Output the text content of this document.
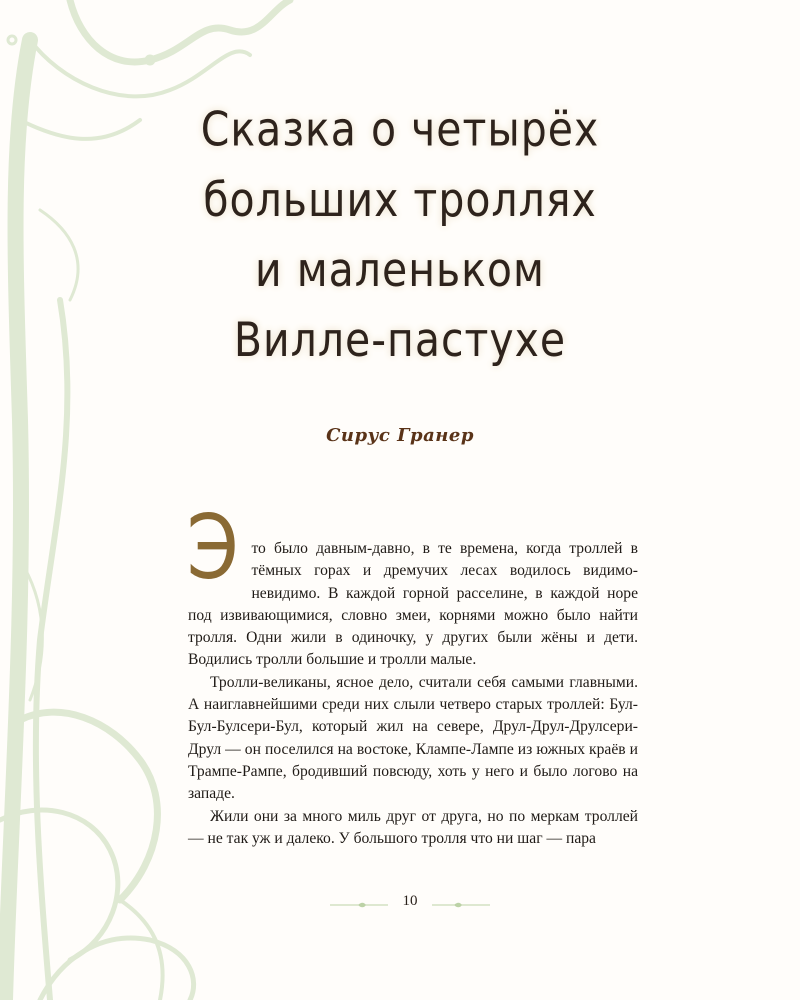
Сказка о четырёх
больших троллях
и маленьком
Вилле-пастухе
Сирус Гранер

Это было давным-давно, в те времена, когда троллей в тёмных горах и дремучих лесах водилось видимо-невидимо. В каждой горной расселине, в каждой норе под извивающимися, словно змеи, корнями можно было найти тролля. Одни жили в одиночку, у других были жёны и дети. Водились тролли большие и тролли малые.

Тролли-великаны, ясное дело, считали себя самыми главными. А наиглавнейшими среди них слыли четверо старых троллей: Бул-Бул-Булсери-Бул, который жил на севере, Друл-Друл-Друлсери-Друл — он поселился на востоке, Клампе-Лампе из южных краёв и Трампе-Рампе, бродивший повсюду, хоть у него и было логово на западе.

Жили они за много миль друг от друга, но по меркам троллей — не так уж и далеко. У большого тролля что ни шаг — пара

10
